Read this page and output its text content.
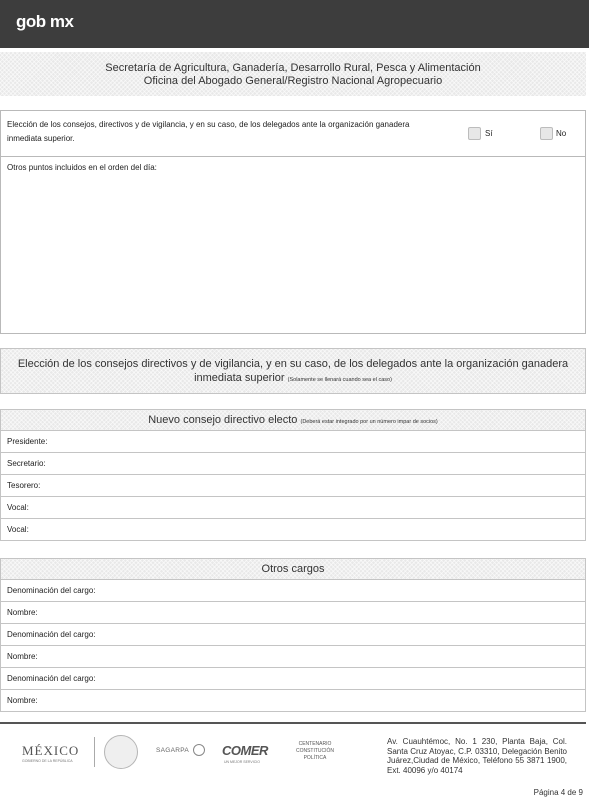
gob mx
Secretaría de Agricultura, Ganadería, Desarrollo Rural, Pesca y Alimentación
Oficina del Abogado General/Registro Nacional Agropecuario
Elección de los consejos, directivos y de vigilancia, y en su caso, de los delegados ante la organización ganadera inmediata superior.
Sí	No
Otros puntos incluidos en el orden del día:
Elección de los consejos directivos y de vigilancia, y en su caso, de los delegados ante la organización ganadera inmediata superior (Solamente se llenará cuando sea el caso)
Nuevo consejo directivo electo (Deberá estar integrado por un número impar de socios)
Presidente:
Secretario:
Tesorero:
Vocal:
Vocal:
Otros cargos
Denominación del cargo:
Nombre:
Denominación del cargo:
Nombre:
Denominación del cargo:
Nombre:
MÉXICO
GOBIERNO DE LA REPÚBLICA
SAGARPA	COMER
UN MEJOR SERVICIO
CENTENARIO
CONSTITUCIÓN POLÍTICA
Av. Cuauhtémoc, No. 1 230, Planta Baja, Col. Santa Cruz Atoyac, C.P. 03310, Delegación Benito Juárez,Ciudad de México, Teléfono 55 3871 1900, Ext. 40096 y/o 40174
Página 4 de 9
